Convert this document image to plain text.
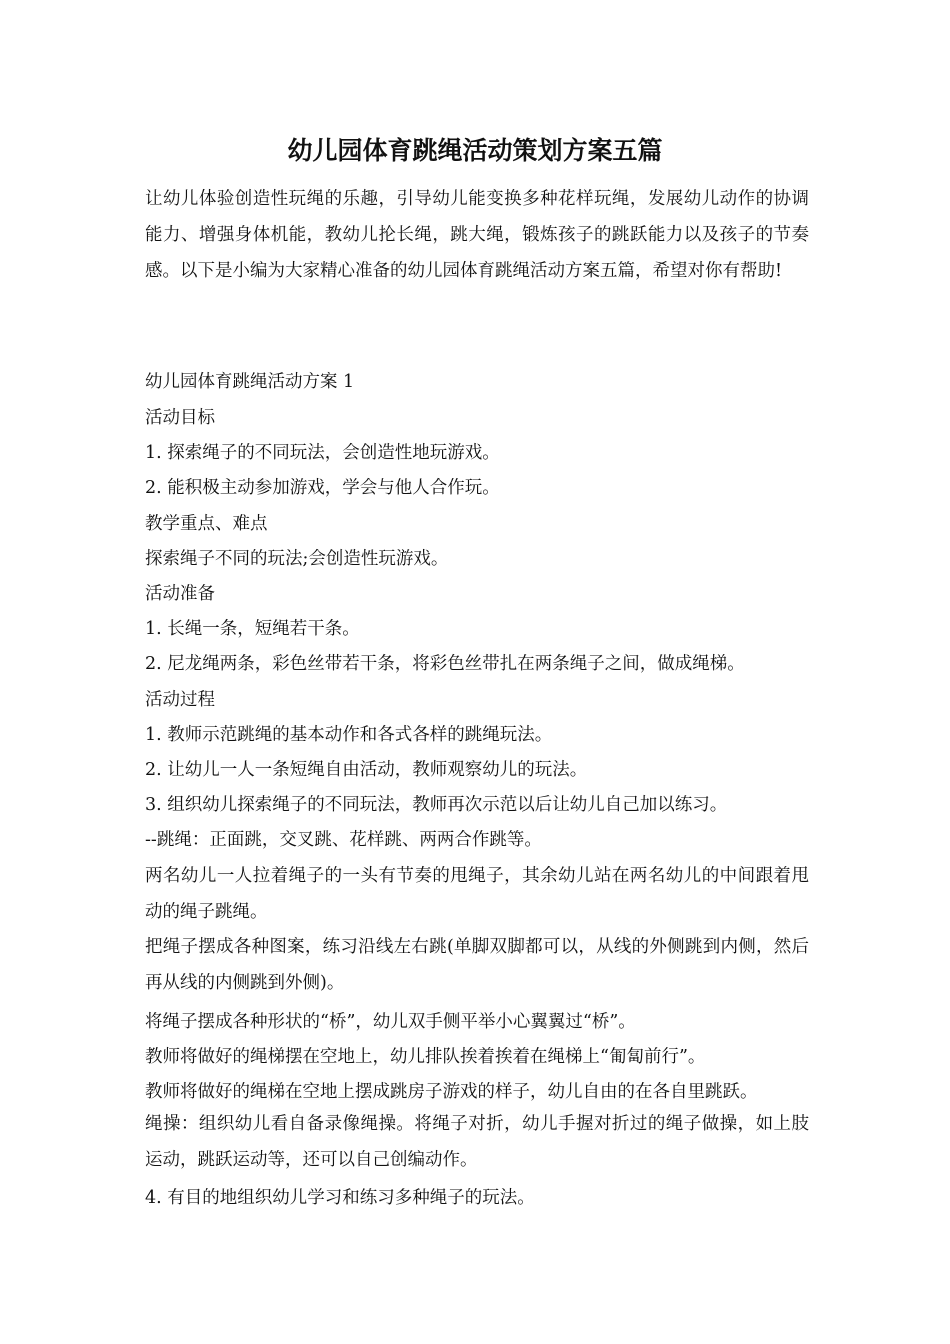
幼儿园体育跳绳活动策划方案五篇

让幼儿体验创造性玩绳的乐趣，引导幼儿能变换多种花样玩绳，发展幼儿动作的协调能力、增强身体机能，教幼儿抡长绳，跳大绳，锻炼孩子的跳跃能力以及孩子的节奏感。以下是小编为大家精心准备的幼儿园体育跳绳活动方案五篇，希望对你有帮助!

幼儿园体育跳绳活动方案 1
活动目标
1. 探索绳子的不同玩法，会创造性地玩游戏。
2. 能积极主动参加游戏，学会与他人合作玩。
教学重点、难点
探索绳子不同的玩法;会创造性玩游戏。
活动准备
1. 长绳一条，短绳若干条。
2. 尼龙绳两条，彩色丝带若干条，将彩色丝带扎在两条绳子之间，做成绳梯。
活动过程
1. 教师示范跳绳的基本动作和各式各样的跳绳玩法。
2. 让幼儿一人一条短绳自由活动，教师观察幼儿的玩法。
3. 组织幼儿探索绳子的不同玩法，教师再次示范以后让幼儿自己加以练习。
--跳绳：正面跳，交叉跳、花样跳、两两合作跳等。

两名幼儿一人拉着绳子的一头有节奏的甩绳子，其余幼儿站在两名幼儿的中间跟着甩动的绳子跳绳。

把绳子摆成各种图案，练习沿线左右跳(单脚双脚都可以，从线的外侧跳到内侧，然后再从线的内侧跳到外侧)。

将绳子摆成各种形状的“桥”，幼儿双手侧平举小心翼翼过“桥”。
教师将做好的绳梯摆在空地上，幼儿排队挨着挨着在绳梯上“匍匐前行”。
教师将做好的绳梯在空地上摆成跳房子游戏的样子，幼儿自由的在各自里跳跃。

绳操：组织幼儿看自备录像绳操。将绳子对折，幼儿手握对折过的绳子做操，如上肢运动，跳跃运动等，还可以自己创编动作。

4. 有目的地组织幼儿学习和练习多种绳子的玩法。
